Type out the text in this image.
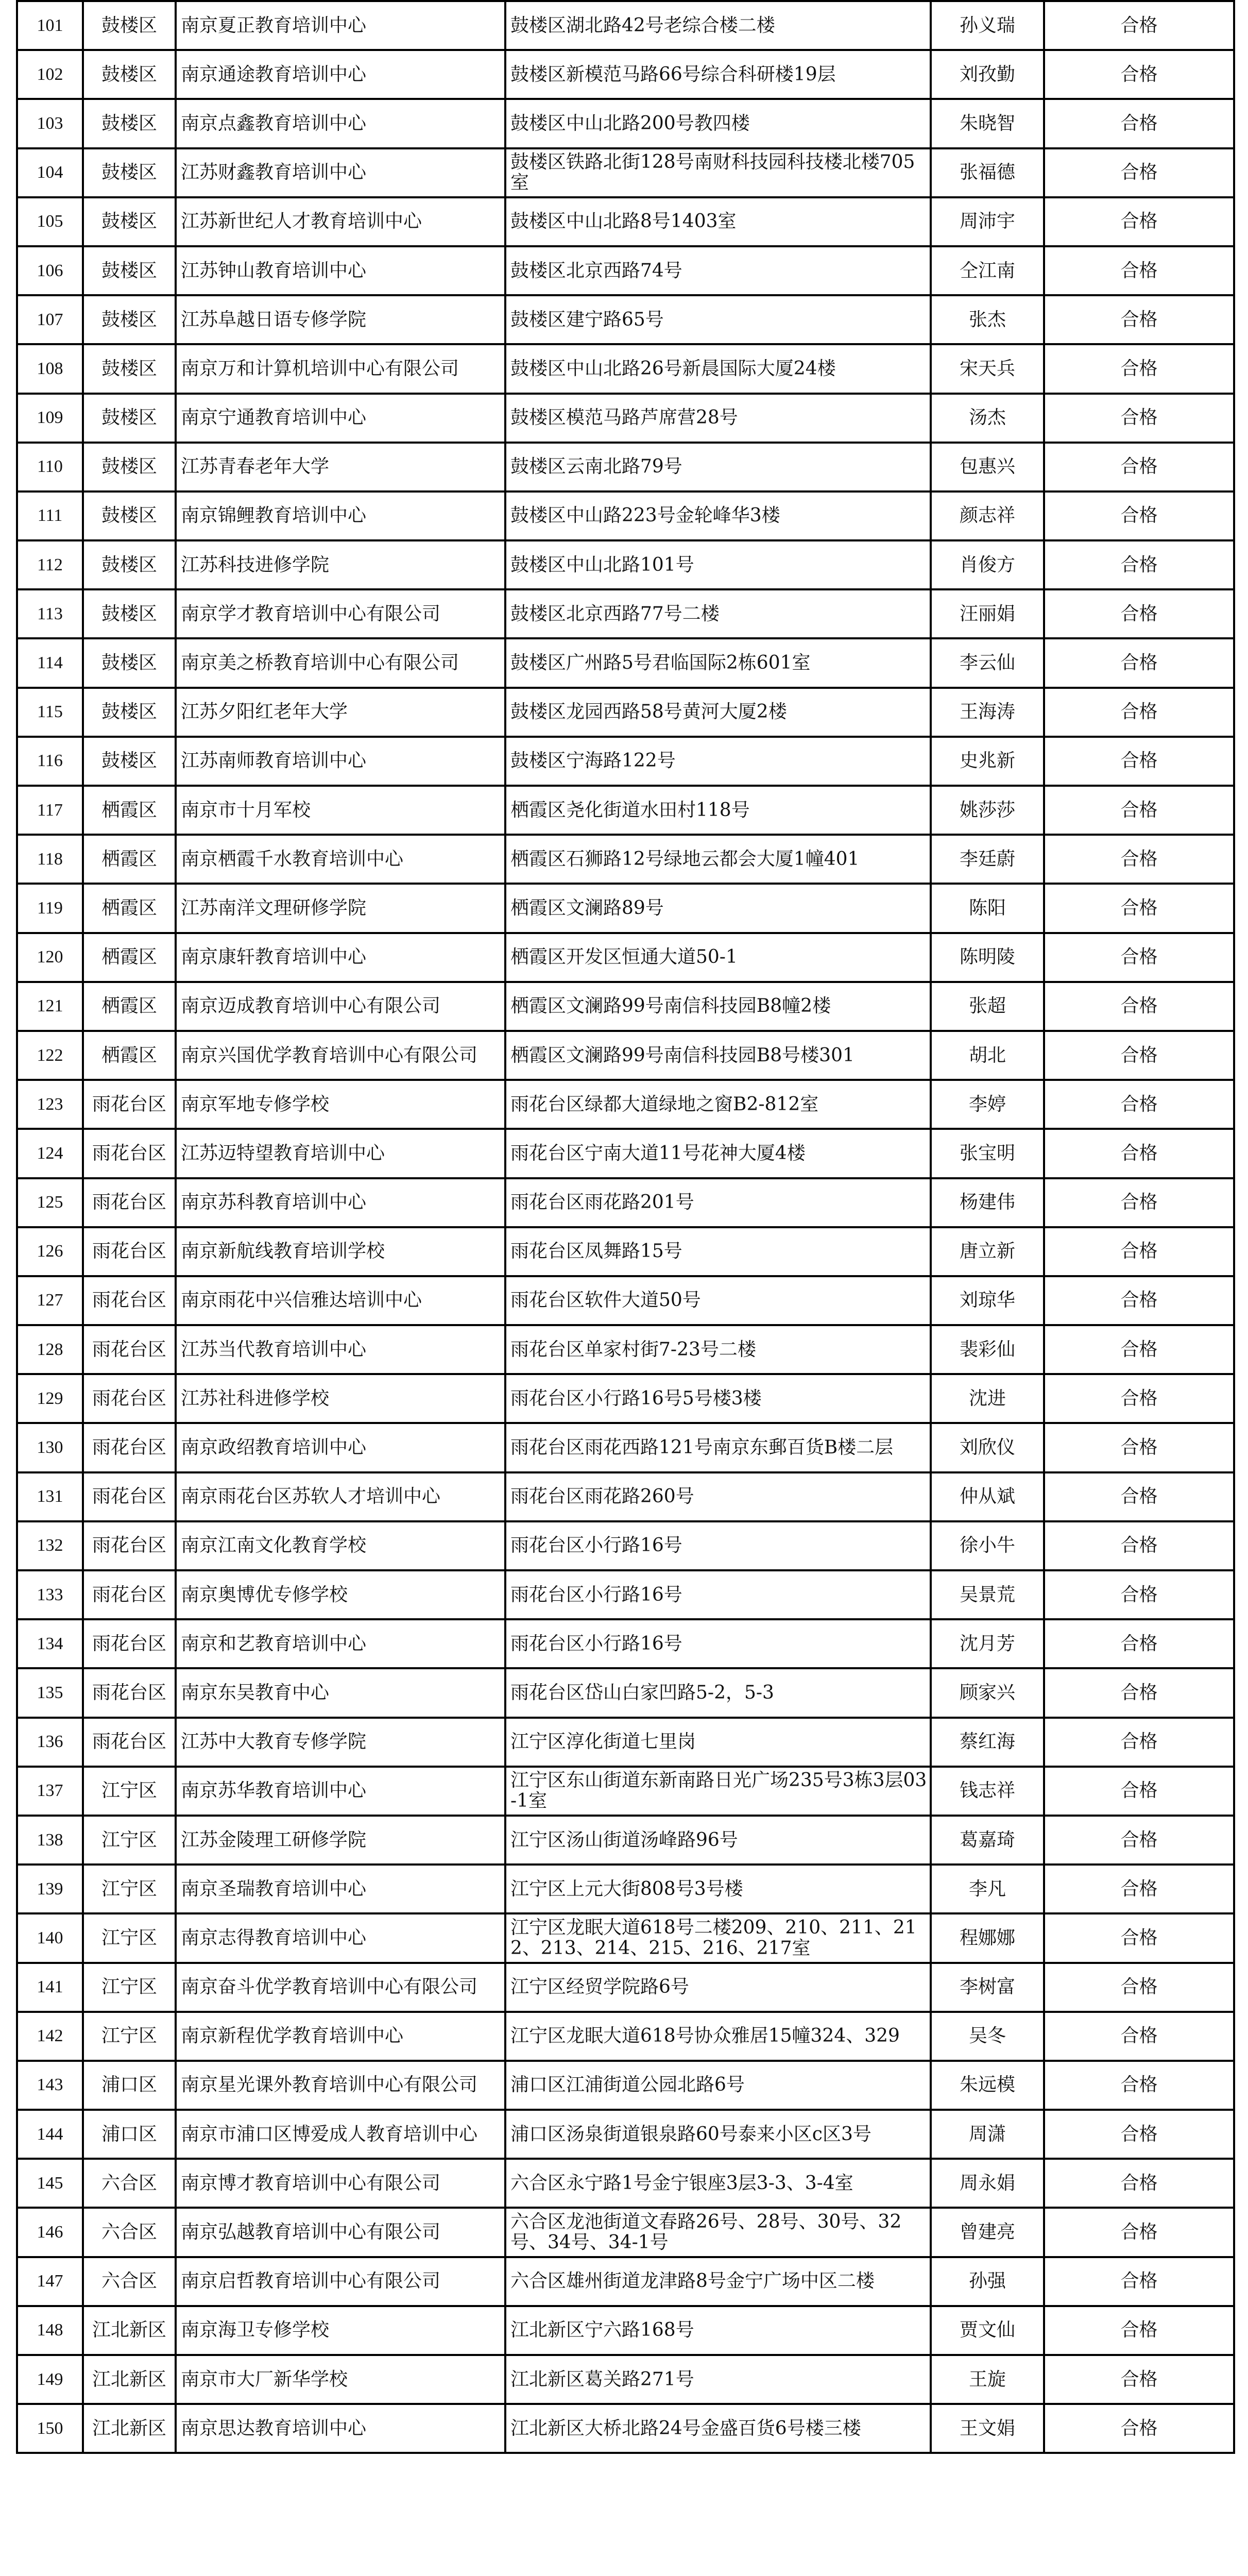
101	鼓楼区	南京夏正教育培训中心	鼓楼区湖北路42号老综合楼二楼	孙义瑞	合格
102	鼓楼区	南京通途教育培训中心	鼓楼区新模范马路66号综合科研楼19层	刘孜勤	合格
103	鼓楼区	南京点鑫教育培训中心	鼓楼区中山北路200号教四楼	朱晓智	合格
104	鼓楼区	江苏财鑫教育培训中心	鼓楼区铁路北街128号南财科技园科技楼北楼705室	张福德	合格
105	鼓楼区	江苏新世纪人才教育培训中心	鼓楼区中山北路8号1403室	周沛宇	合格
106	鼓楼区	江苏钟山教育培训中心	鼓楼区北京西路74号	仝江南	合格
107	鼓楼区	江苏阜越日语专修学院	鼓楼区建宁路65号	张杰	合格
108	鼓楼区	南京万和计算机培训中心有限公司	鼓楼区中山北路26号新晨国际大厦24楼	宋天兵	合格
109	鼓楼区	南京宁通教育培训中心	鼓楼区模范马路芦席营28号	汤杰	合格
110	鼓楼区	江苏青春老年大学	鼓楼区云南北路79号	包惠兴	合格
111	鼓楼区	南京锦鲤教育培训中心	鼓楼区中山路223号金轮峰华3楼	颜志祥	合格
112	鼓楼区	江苏科技进修学院	鼓楼区中山北路101号	肖俊方	合格
113	鼓楼区	南京学才教育培训中心有限公司	鼓楼区北京西路77号二楼	汪丽娟	合格
114	鼓楼区	南京美之桥教育培训中心有限公司	鼓楼区广州路5号君临国际2栋601室	李云仙	合格
115	鼓楼区	江苏夕阳红老年大学	鼓楼区龙园西路58号黄河大厦2楼	王海涛	合格
116	鼓楼区	江苏南师教育培训中心	鼓楼区宁海路122号	史兆新	合格
117	栖霞区	南京市十月军校	栖霞区尧化街道水田村118号	姚莎莎	合格
118	栖霞区	南京栖霞千水教育培训中心	栖霞区石狮路12号绿地云都会大厦1幢401	李廷蔚	合格
119	栖霞区	江苏南洋文理研修学院	栖霞区文澜路89号	陈阳	合格
120	栖霞区	南京康轩教育培训中心	栖霞区开发区恒通大道50-1	陈明陵	合格
121	栖霞区	南京迈成教育培训中心有限公司	栖霞区文澜路99号南信科技园B8幢2楼	张超	合格
122	栖霞区	南京兴国优学教育培训中心有限公司	栖霞区文澜路99号南信科技园B8号楼301	胡北	合格
123	雨花台区	南京军地专修学校	雨花台区绿都大道绿地之窗B2-812室	李婷	合格
124	雨花台区	江苏迈特望教育培训中心	雨花台区宁南大道11号花神大厦4楼	张宝明	合格
125	雨花台区	南京苏科教育培训中心	雨花台区雨花路201号	杨建伟	合格
126	雨花台区	南京新航线教育培训学校	雨花台区凤舞路15号	唐立新	合格
127	雨花台区	南京雨花中兴信雅达培训中心	雨花台区软件大道50号	刘琼华	合格
128	雨花台区	江苏当代教育培训中心	雨花台区单家村街7-23号二楼	裴彩仙	合格
129	雨花台区	江苏社科进修学校	雨花台区小行路16号5号楼3楼	沈进	合格
130	雨花台区	南京政绍教育培训中心	雨花台区雨花西路121号南京东郵百货B楼二层	刘欣仪	合格
131	雨花台区	南京雨花台区苏软人才培训中心	雨花台区雨花路260号	仲从斌	合格
132	雨花台区	南京江南文化教育学校	雨花台区小行路16号	徐小牛	合格
133	雨花台区	南京奥博优专修学校	雨花台区小行路16号	吴景荒	合格
134	雨花台区	南京和艺教育培训中心	雨花台区小行路16号	沈月芳	合格
135	雨花台区	南京东吴教育中心	雨花台区岱山白家凹路5-2，5-3	顾家兴	合格
136	雨花台区	江苏中大教育专修学院	江宁区淳化街道七里岗	蔡红海	合格
137	江宁区	南京苏华教育培训中心	江宁区东山街道东新南路日光广场235号3栋3层03-1室	钱志祥	合格
138	江宁区	江苏金陵理工研修学院	江宁区汤山街道汤峰路96号	葛嘉琦	合格
139	江宁区	南京圣瑞教育培训中心	江宁区上元大街808号3号楼	李凡	合格
140	江宁区	南京志得教育培训中心	江宁区龙眠大道618号二楼209、210、211、212、213、214、215、216、217室	程娜娜	合格
141	江宁区	南京奋斗优学教育培训中心有限公司	江宁区经贸学院路6号	李树富	合格
142	江宁区	南京新程优学教育培训中心	江宁区龙眠大道618号协众雅居15幢324、329	吴冬	合格
143	浦口区	南京星光课外教育培训中心有限公司	浦口区江浦街道公园北路6号	朱远模	合格
144	浦口区	南京市浦口区博爱成人教育培训中心	浦口区汤泉街道银泉路60号泰来小区c区3号	周潇	合格
145	六合区	南京博才教育培训中心有限公司	六合区永宁路1号金宁银座3层3-3、3-4室	周永娟	合格
146	六合区	南京弘越教育培训中心有限公司	六合区龙池街道文春路26号、28号、30号、32号、34号、34-1号	曾建亮	合格
147	六合区	南京启哲教育培训中心有限公司	六合区雄州街道龙津路8号金宁广场中区二楼	孙强	合格
148	江北新区	南京海卫专修学校	江北新区宁六路168号	贾文仙	合格
149	江北新区	南京市大厂新华学校	江北新区葛关路271号	王旋	合格
150	江北新区	南京思达教育培训中心	江北新区大桥北路24号金盛百货6号楼三楼	王文娟	合格
